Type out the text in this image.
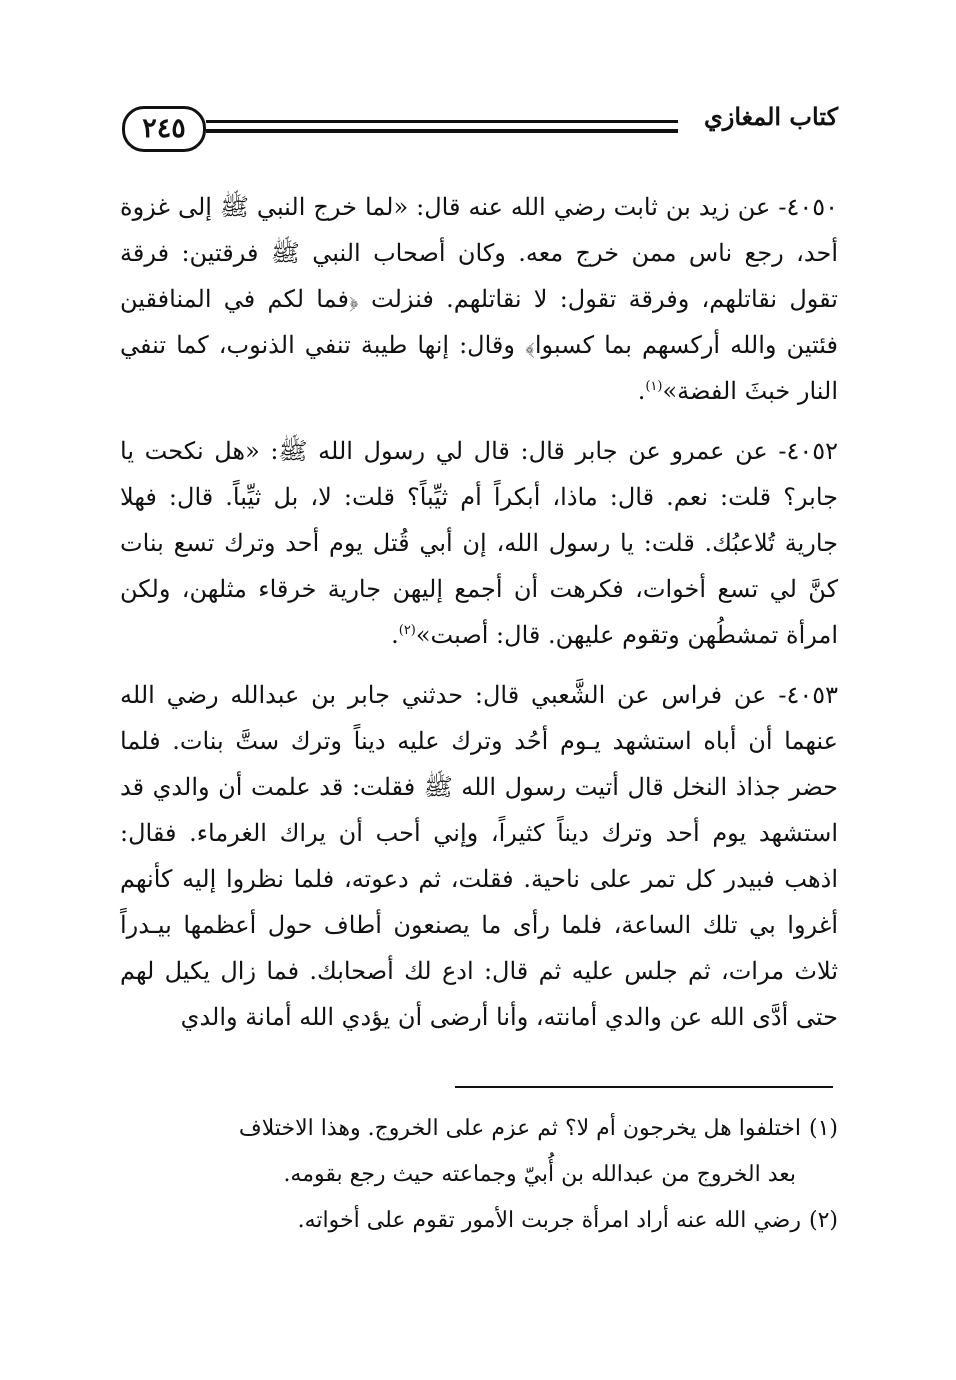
٢٤٥	كتاب المغازي

٤٠٥٠- عن زيد بن ثابت رضي الله عنه قال: «لما خرج النبي ﷺ إلى غزوة أحد، رجع ناس ممن خرج معه. وكان أصحاب النبي ﷺ فرقتين: فرقة تقول نقاتلهم، وفرقة تقول: لا نقاتلهم. فنزلت ﴿فما لكم في المنافقين فئتين والله أركسهم بما كسبوا﴾ وقال: إنها طيبة تنفي الذنوب، كما تنفي النار خبثَ الفضة»$^{(١)}$.

٤٠٥٢- عن عمرو عن جابر قال: قال لي رسول الله ﷺ: «هل نكحت يا جابر؟ قلت: نعم. قال: ماذا، أبكراً أم ثيِّباً؟ قلت: لا، بل ثيِّباً. قال: فهلا جارية تُلاعبُك. قلت: يا رسول الله، إن أبي قُتل يوم أحد وترك تسع بنات كنَّ لي تسع أخوات، فكرهت أن أجمع إليهن جارية خرقاء مثلهن، ولكن امرأة تمشطُهن وتقوم عليهن. قال: أصبت»$^{(٢)}$.

٤٠٥٣- عن فراس عن الشَّعبي قال: حدثني جابر بن عبدالله رضي الله عنهما أن أباه استشهد يـوم أحُد وترك عليه ديناً وترك ستَّ بنات. فلما حضر جذاذ النخل قال أتيت رسول الله ﷺ فقلت: قد علمت أن والدي قد استشهد يوم أحد وترك ديناً كثيراً، وإني أحب أن يراك الغرماء. فقال: اذهب فبيدر كل تمر على ناحية. فقلت، ثم دعوته، فلما نظروا إليه كأنهم أغروا بي تلك الساعة، فلما رأى ما يصنعون أطاف حول أعظمها بيـدراً ثلاث مرات، ثم جلس عليه ثم قال: ادع لك أصحابك. فما زال يكيل لهم حتى أدَّى الله عن والدي أمانته، وأنا أرضى أن يؤدي الله أمانة والدي

(١)اختلفوا هل يخرجون أم لا؟ ثم عزم على الخروج. وهذا الاختلاف
بعد الخروج من عبدالله بن أُبيّ وجماعته حيث رجع بقومه.

(٢)رضي الله عنه أراد امرأة جربت الأمور تقوم على أخواته.
